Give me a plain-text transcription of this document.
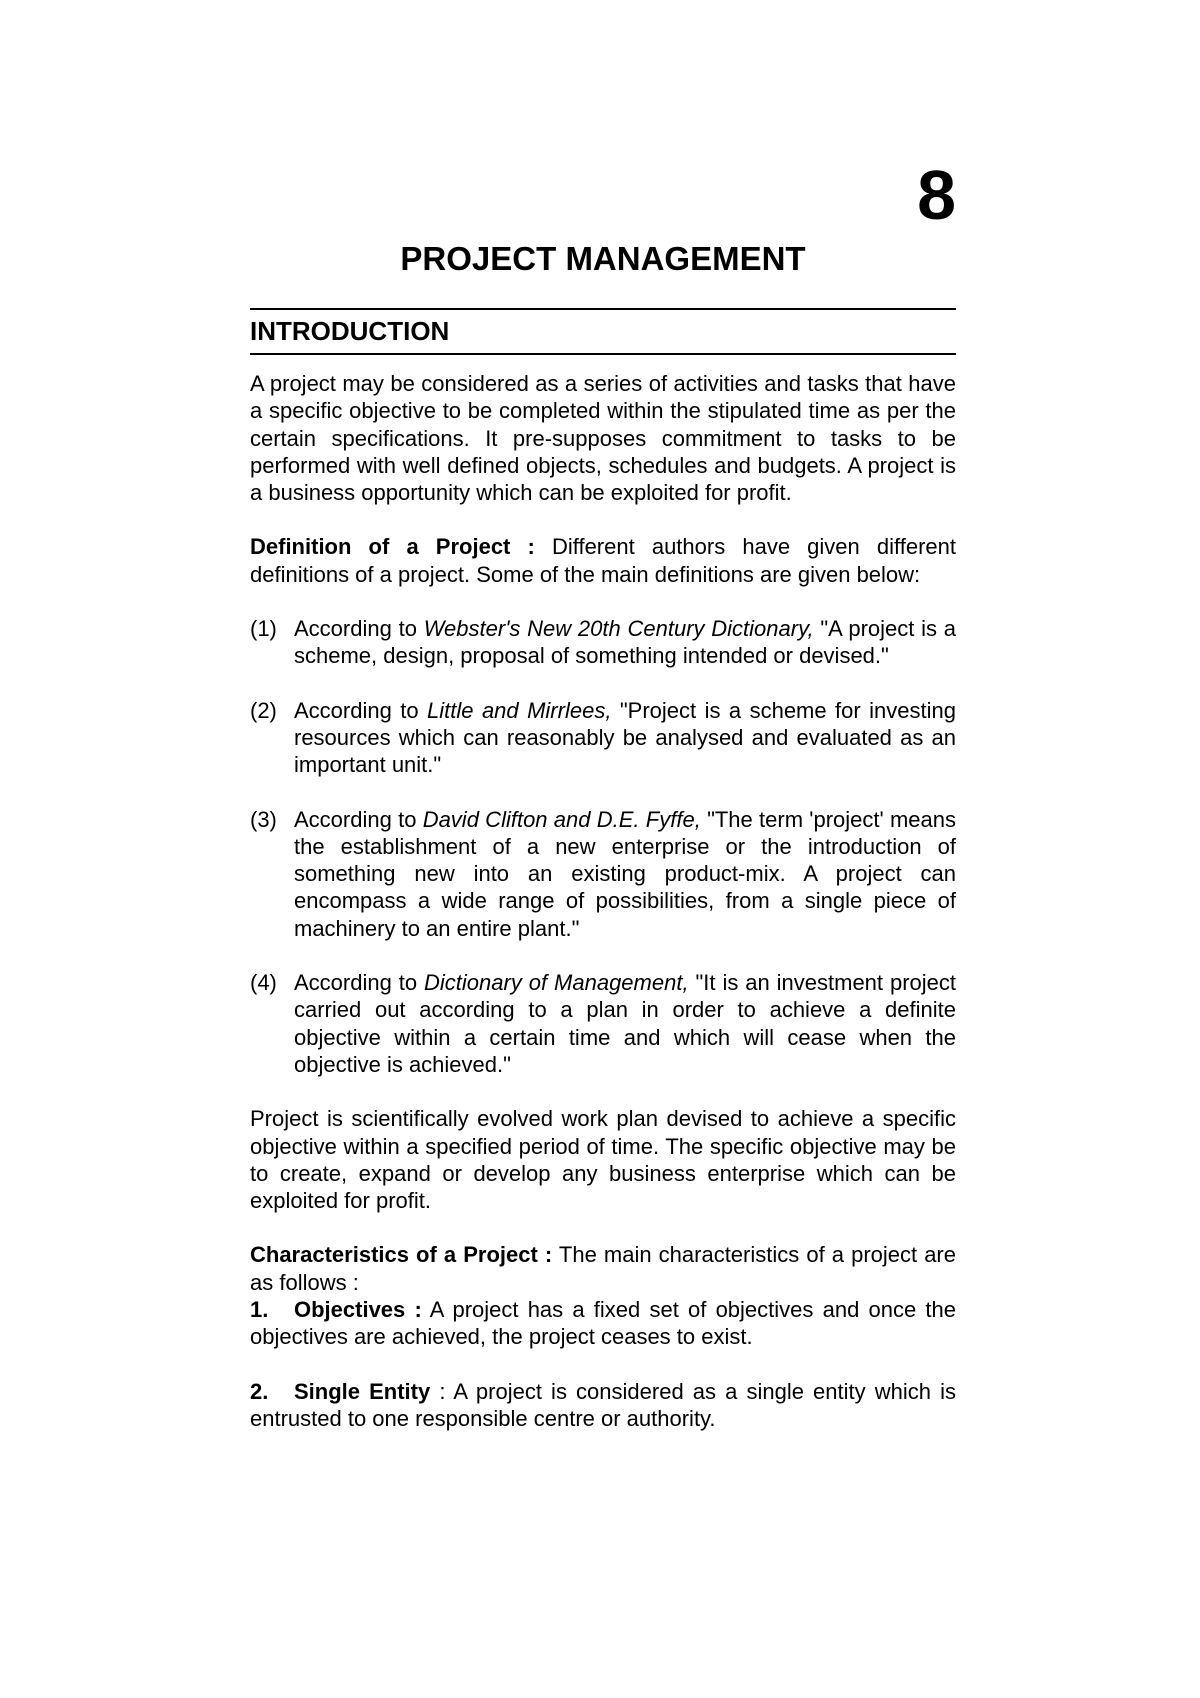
8
PROJECT MANAGEMENT
INTRODUCTION

A project may be considered as a series of activities and tasks that have a specific objective to be completed within the stipulated time as per the certain specifications. It pre-supposes commitment to tasks to be performed with well defined objects, schedules and budgets. A project is a business opportunity which can be exploited for profit.

Definition of a Project : Different authors have given different definitions of a project. Some of the main definitions are given below:

(1) According to Webster's New 20th Century Dictionary, "A project is a scheme, design, proposal of something intended or devised."
(2) According to Little and Mirrlees, "Project is a scheme for investing resources which can reasonably be analysed and evaluated as an important unit."
(3) According to David Clifton and D.E. Fyffe, "The term 'project' means the establishment of a new enterprise or the introduction of something new into an existing product-mix. A project can encompass a wide range of possibilities, from a single piece of machinery to an entire plant."
(4) According to Dictionary of Management, "It is an investment project carried out according to a plan in order to achieve a definite objective within a certain time and which will cease when the objective is achieved."

Project is scientifically evolved work plan devised to achieve a specific objective within a specified period of time. The specific objective may be to create, expand or develop any business enterprise which can be exploited for profit.

Characteristics of a Project : The main characteristics of a project are as follows :

1. Objectives : A project has a fixed set of objectives and once the objectives are achieved, the project ceases to exist.

2. Single Entity : A project is considered as a single entity which is entrusted to one responsible centre or authority.
